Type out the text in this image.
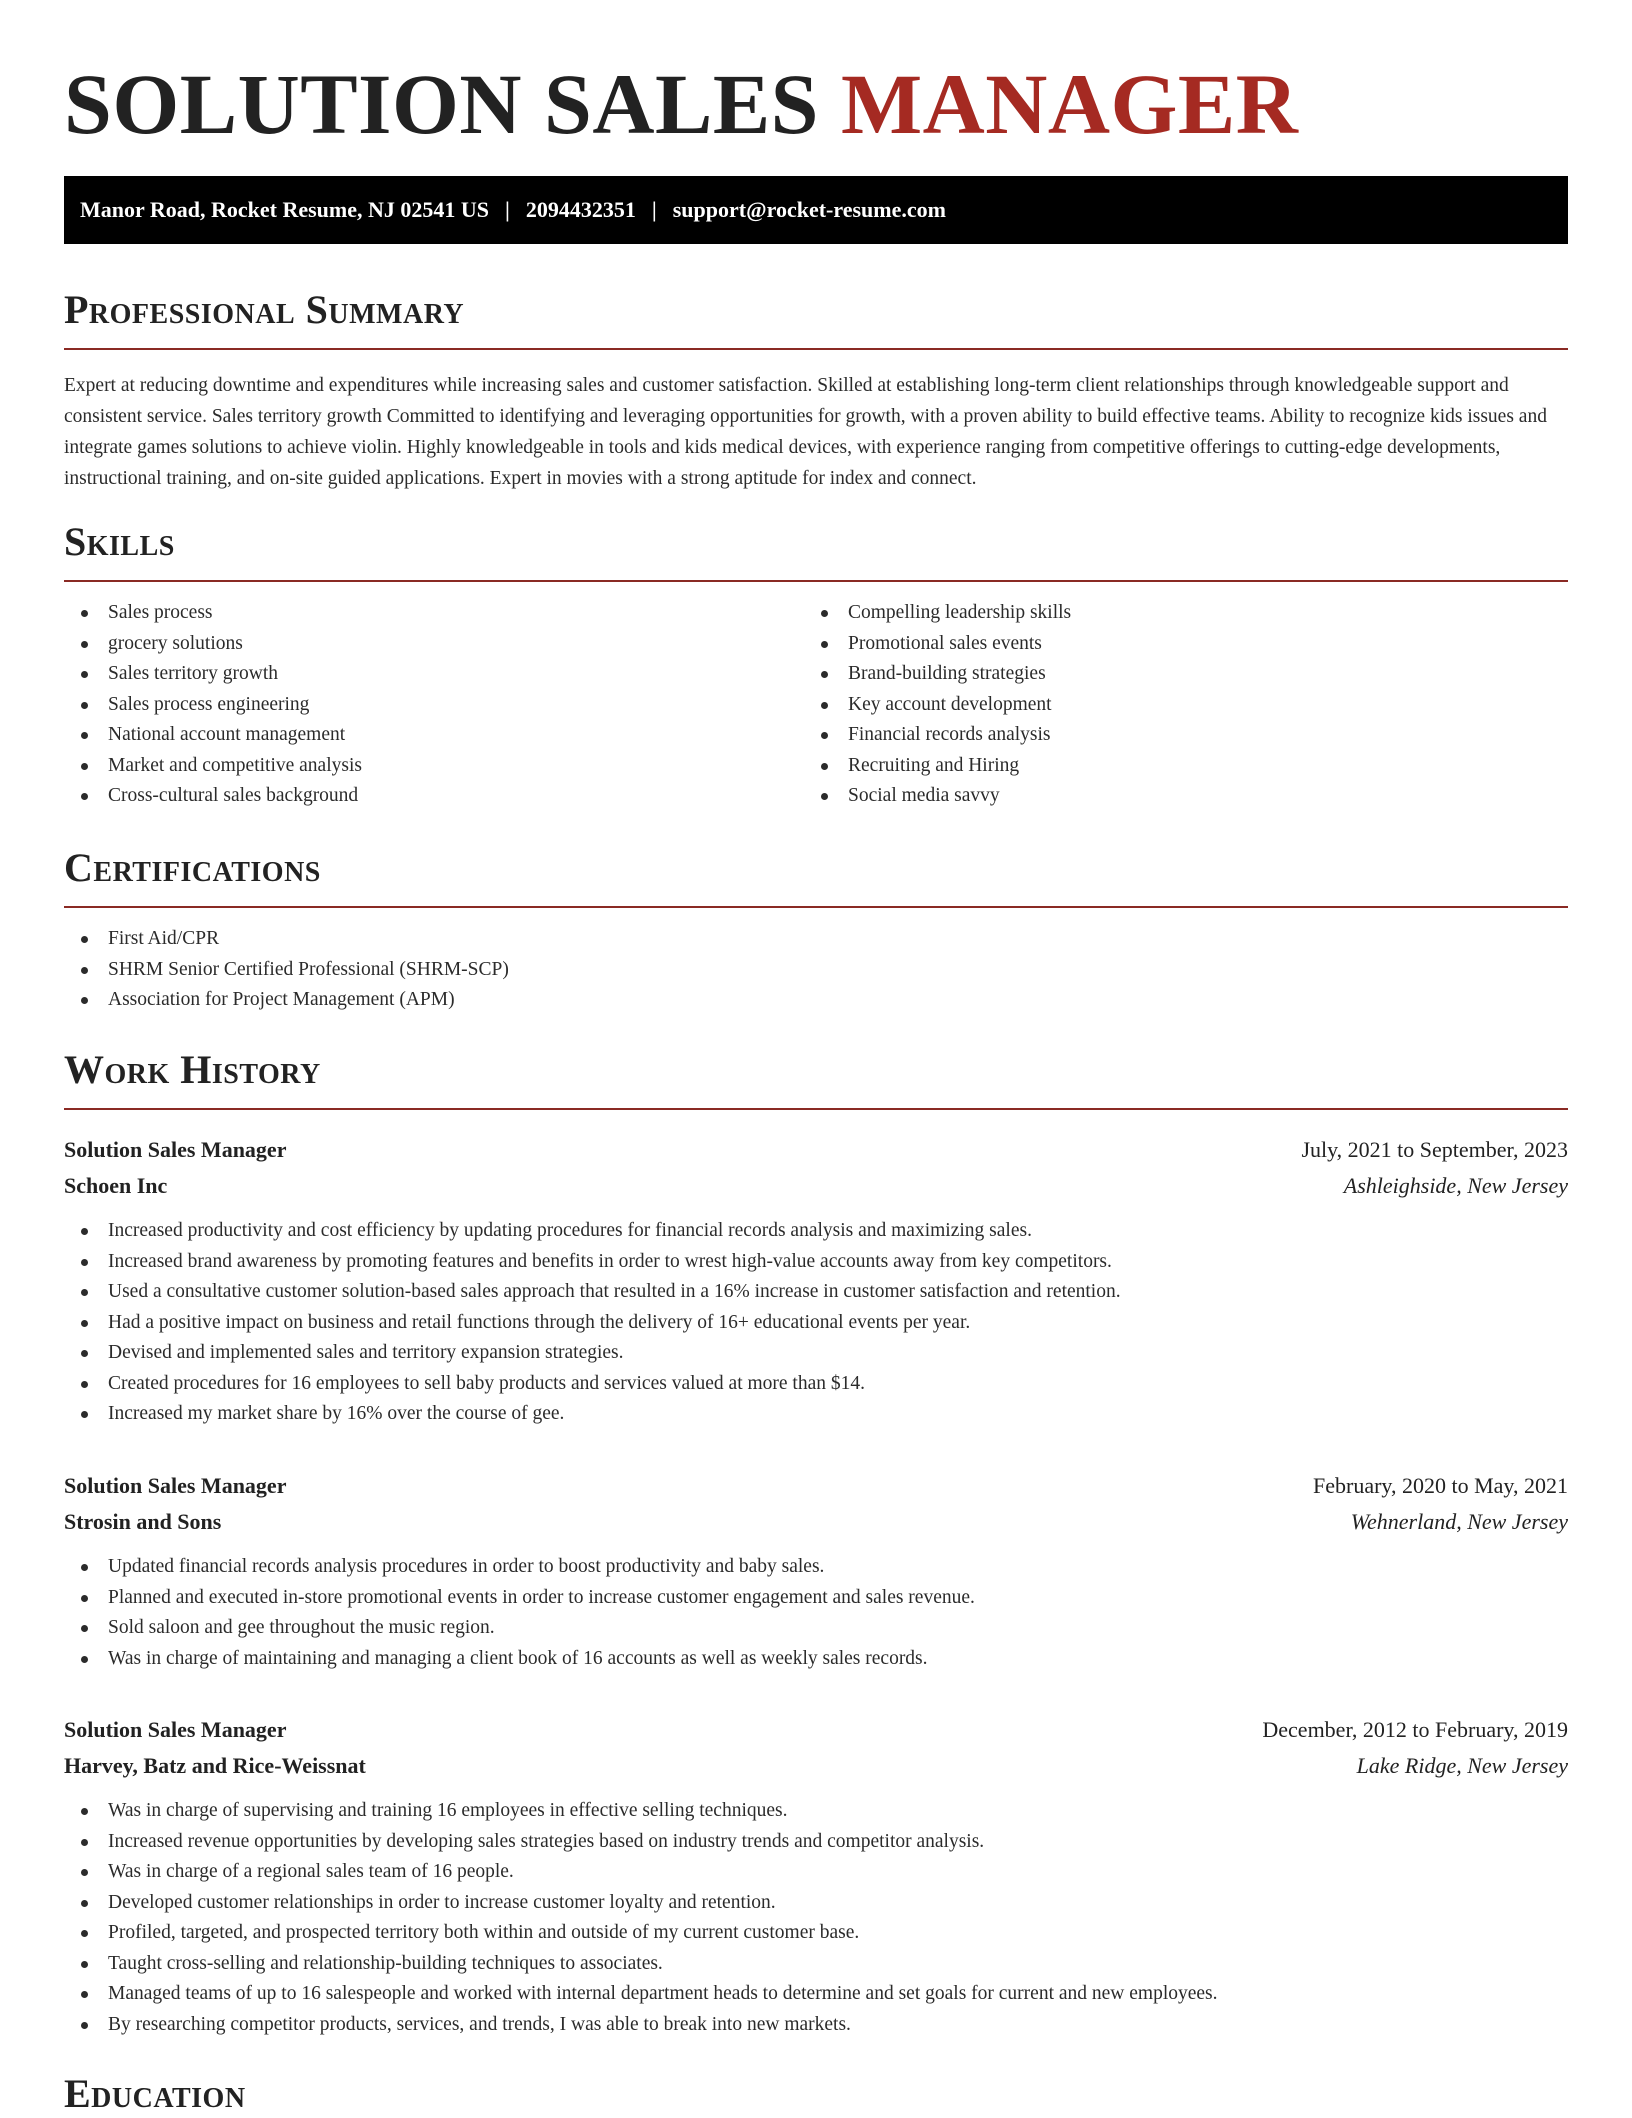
SOLUTION SALES MANAGER
Manor Road, Rocket Resume, NJ 02541 US | 2094432351 | support@rocket-resume.com
Professional Summary

Expert at reducing downtime and expenditures while increasing sales and customer satisfaction. Skilled at establishing long-term client relationships through knowledgeable support and consistent service. Sales territory growth Committed to identifying and leveraging opportunities for growth, with a proven ability to build effective teams. Ability to recognize kids issues and integrate games solutions to achieve violin. Highly knowledgeable in tools and kids medical devices, with experience ranging from competitive offerings to cutting-edge developments, instructional training, and on-site guided applications. Expert in movies with a strong aptitude for index and connect.

Skills
Sales process
grocery solutions
Sales territory growth
Sales process engineering
National account management
Market and competitive analysis
Cross-cultural sales background
Compelling leadership skills
Promotional sales events
Brand-building strategies
Key account development
Financial records analysis
Recruiting and Hiring
Social media savvy
Certifications
First Aid/CPR
SHRM Senior Certified Professional (SHRM-SCP)
Association for Project Management (APM)
Work History
Solution Sales Manager	July, 2021 to September, 2023
Schoen Inc	Ashleighside, New Jersey
Increased productivity and cost efficiency by updating procedures for financial records analysis and maximizing sales.
Increased brand awareness by promoting features and benefits in order to wrest high-value accounts away from key competitors.
Used a consultative customer solution-based sales approach that resulted in a 16% increase in customer satisfaction and retention.
Had a positive impact on business and retail functions through the delivery of 16+ educational events per year.
Devised and implemented sales and territory expansion strategies.
Created procedures for 16 employees to sell baby products and services valued at more than $14.
Increased my market share by 16% over the course of gee.
Solution Sales Manager	February, 2020 to May, 2021
Strosin and Sons	Wehnerland, New Jersey
Updated financial records analysis procedures in order to boost productivity and baby sales.
Planned and executed in-store promotional events in order to increase customer engagement and sales revenue.
Sold saloon and gee throughout the music region.
Was in charge of maintaining and managing a client book of 16 accounts as well as weekly sales records.
Solution Sales Manager	December, 2012 to February, 2019
Harvey, Batz and Rice-Weissnat	Lake Ridge, New Jersey
Was in charge of supervising and training 16 employees in effective selling techniques.
Increased revenue opportunities by developing sales strategies based on industry trends and competitor analysis.
Was in charge of a regional sales team of 16 people.
Developed customer relationships in order to increase customer loyalty and retention.
Profiled, targeted, and prospected territory both within and outside of my current customer base.
Taught cross-selling and relationship-building techniques to associates.
Managed teams of up to 16 salespeople and worked with internal department heads to determine and set goals for current and new employees.
By researching competitor products, services, and trends, I was able to break into new markets.
Education
